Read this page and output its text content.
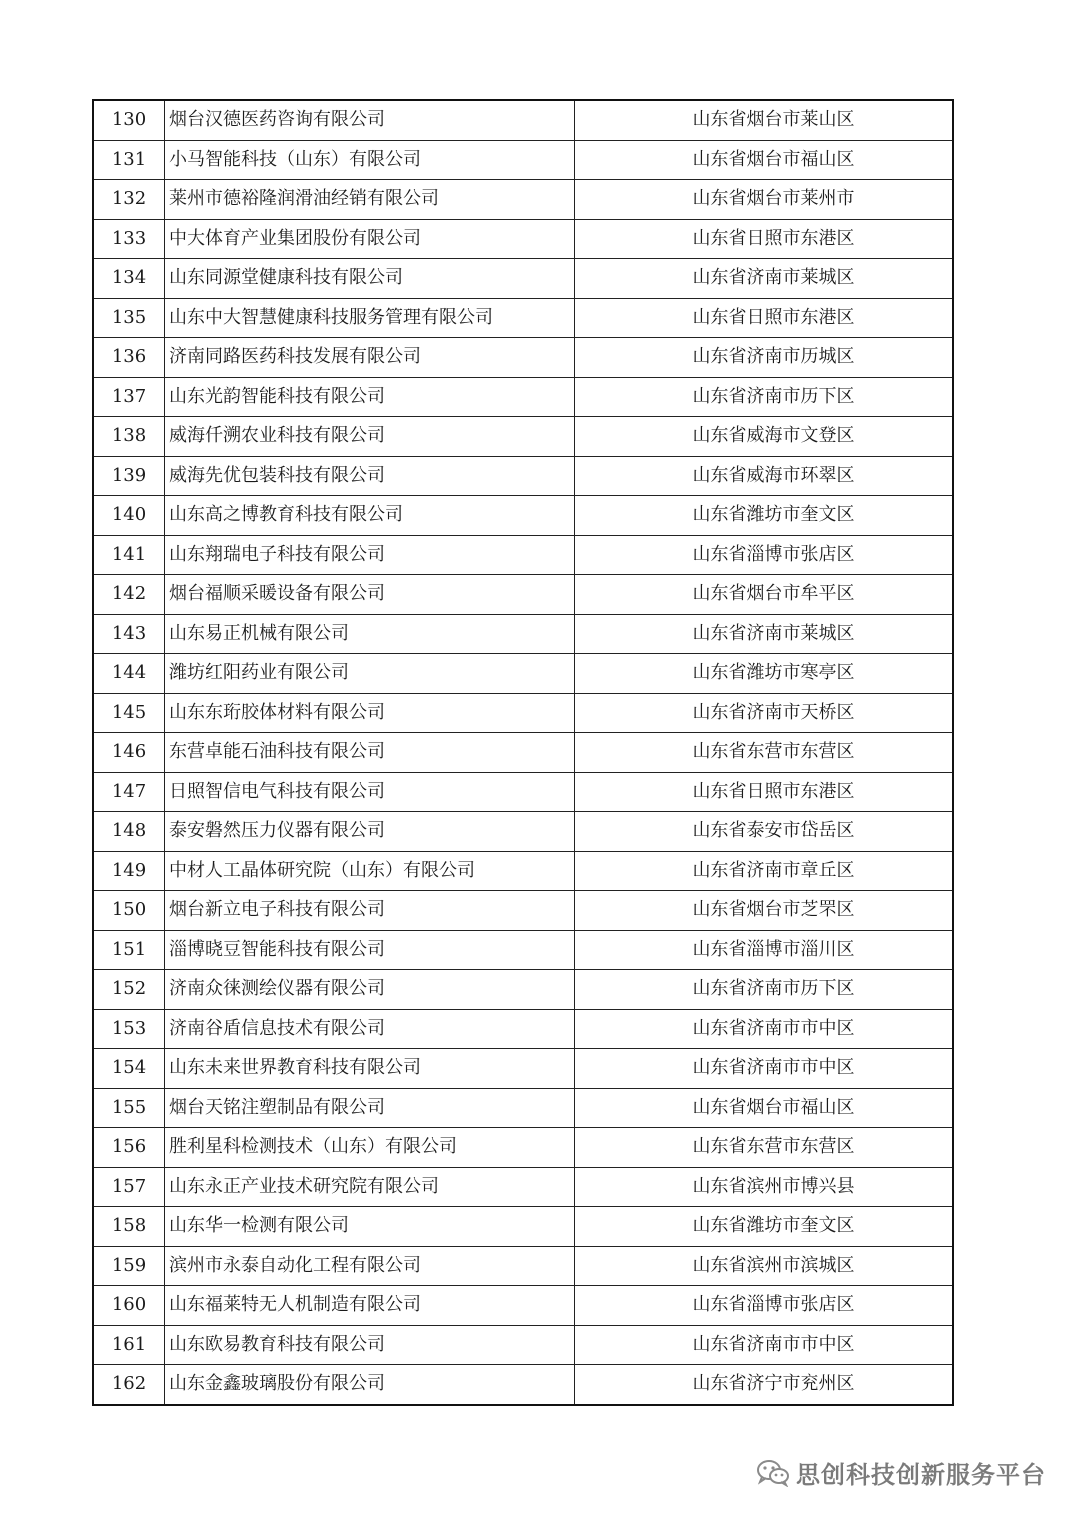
130	烟台汉德医药咨询有限公司	山东省烟台市莱山区
131	小马智能科技（山东）有限公司	山东省烟台市福山区
132	莱州市德裕隆润滑油经销有限公司	山东省烟台市莱州市
133	中大体育产业集团股份有限公司	山东省日照市东港区
134	山东同源堂健康科技有限公司	山东省济南市莱城区
135	山东中大智慧健康科技服务管理有限公司	山东省日照市东港区
136	济南同路医药科技发展有限公司	山东省济南市历城区
137	山东光韵智能科技有限公司	山东省济南市历下区
138	威海仟溯农业科技有限公司	山东省威海市文登区
139	威海先优包装科技有限公司	山东省威海市环翠区
140	山东高之博教育科技有限公司	山东省潍坊市奎文区
141	山东翔瑞电子科技有限公司	山东省淄博市张店区
142	烟台福顺采暖设备有限公司	山东省烟台市牟平区
143	山东易正机械有限公司	山东省济南市莱城区
144	潍坊红阳药业有限公司	山东省潍坊市寒亭区
145	山东东珩胶体材料有限公司	山东省济南市天桥区
146	东营卓能石油科技有限公司	山东省东营市东营区
147	日照智信电气科技有限公司	山东省日照市东港区
148	泰安磐然压力仪器有限公司	山东省泰安市岱岳区
149	中材人工晶体研究院（山东）有限公司	山东省济南市章丘区
150	烟台新立电子科技有限公司	山东省烟台市芝罘区
151	淄博晓豆智能科技有限公司	山东省淄博市淄川区
152	济南众徕测绘仪器有限公司	山东省济南市历下区
153	济南谷盾信息技术有限公司	山东省济南市市中区
154	山东未来世界教育科技有限公司	山东省济南市市中区
155	烟台天铭注塑制品有限公司	山东省烟台市福山区
156	胜利星科检测技术（山东）有限公司	山东省东营市东营区
157	山东永正产业技术研究院有限公司	山东省滨州市博兴县
158	山东华一检测有限公司	山东省潍坊市奎文区
159	滨州市永泰自动化工程有限公司	山东省滨州市滨城区
160	山东福莱特无人机制造有限公司	山东省淄博市张店区
161	山东欧易教育科技有限公司	山东省济南市市中区
162	山东金鑫玻璃股份有限公司	山东省济宁市兖州区
思创科技创新服务平台
